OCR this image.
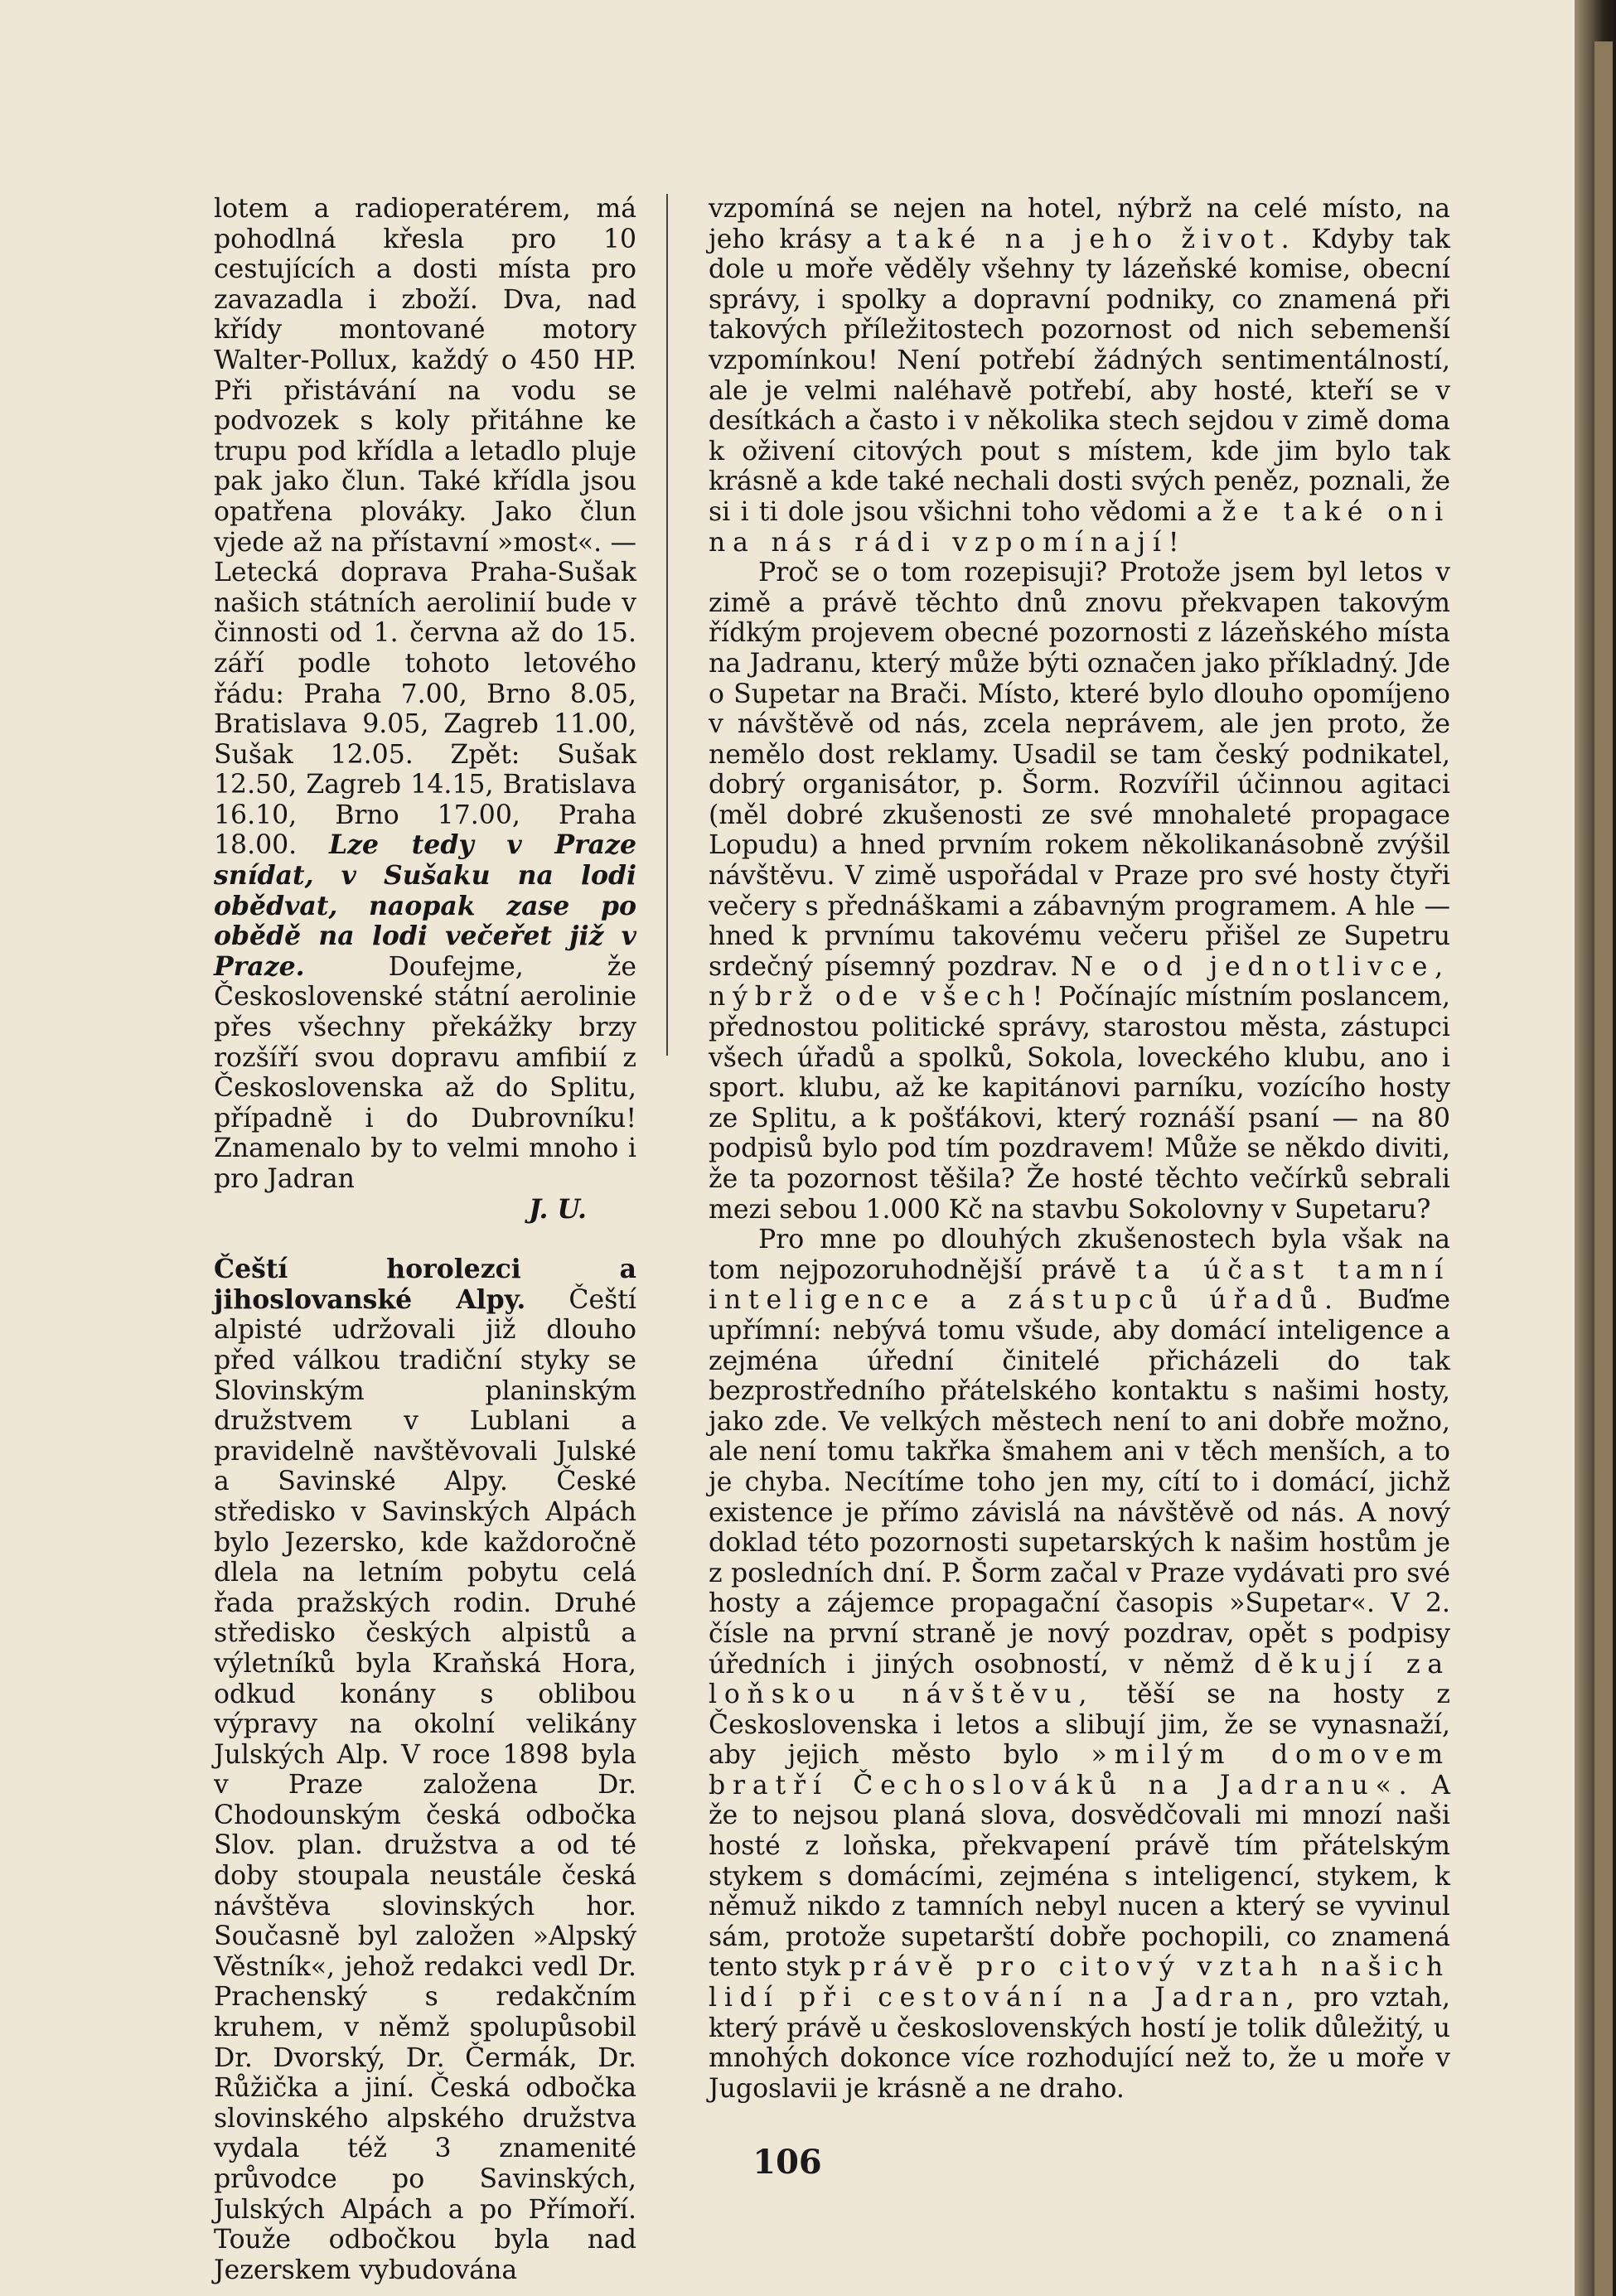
lotem a radioperatérem, má pohodlná křesla pro 10 cestujících a dosti místa pro zavazadla i zboží. Dva, nad křídy montované motory Walter-Pollux, každý o 450 HP. Při přistávání na vodu se podvozek s koly přitáhne ke trupu pod křídla a letadlo pluje pak jako člun. Také křídla jsou opatřena plováky. Jako člun vjede až na přístavní »most«. — Letecká doprava Praha-Sušak našich státních aerolinií bude v činnosti od 1. června až do 15. září podle tohoto letového řádu: Praha 7.00, Brno 8.05, Bratislava 9.05, Zagreb 11.00, Sušak 12.05. Zpět: Sušak 12.50, Zagreb 14.15, Bratislava 16.10, Brno 17.00, Praha 18.00. Lze tedy v Praze snídat, v Sušaku na lodi obědvat, naopak zase po obědě na lodi večeřet již v Praze.	Doufejme, že Československé státní aerolinie přes všechny překážky brzy rozšíří svou dopravu amfibií z Československa až do Splitu, případně i do Dubrovníku! Znamenalo by to velmi mnoho i pro Jadran

J. U.

Čeští horolezci a jihoslovanské Alpy. Čeští alpisté udržovali již dlouho před válkou tradiční styky se Slovinským planinským družstvem v Lublani a pravidelně navštěvovali Julské a Savinské Alpy. České středisko v Savinských Alpách bylo Jezersko, kde každoročně dlela na letním pobytu celá řada pražských rodin. Druhé středisko českých alpistů a výletníků byla Kraňská Hora, odkud konány s oblibou výpravy na okolní velikány Julských Alp. V roce 1898 byla v Praze založena Dr. Chodounským česká odbočka Slov. plan. družstva a od té doby stoupala neustále česká návštěva slovinských hor. Současně byl založen »Alpský Věstník«, jehož redakci vedl Dr. Prachenský s redakčním kruhem, v němž spolupůsobil Dr. Dvorský, Dr. Čermák, Dr. Růžička a jiní. Česká odbočka slovinského alpského družstva vydala též 3 znamenité průvodce po Savinských, Julských Alpách a po Přímoří. Touže odbočkou byla nad Jezerskem vybudována

vzpomíná se nejen na hotel, nýbrž na celé místo, na jeho krásy a také na jeho život. Kdyby tak dole u moře věděly všehny ty lázeňské komise, obecní správy, i spolky a dopravní podniky, co znamená při takových příležitostech pozornost od nich sebemenší vzpomínkou! Není potřebí žádných sentimentálností, ale je velmi naléhavě potřebí, aby hosté, kteří se v desítkách a často i v několika stech sejdou v zimě doma k oživení citových pout s místem, kde jim bylo tak krásně a kde také nechali dosti svých peněz, poznali, že si i ti dole jsou všichni toho vědomi a že také oni na nás rádi vzpomínají!

Proč se o tom rozepisuji? Protože jsem byl letos v zimě a právě těchto dnů znovu překvapen takovým řídkým projevem obecné pozornosti z lázeňského místa na Jadranu, který může býti označen jako příkladný. Jde o Supetar na Brači. Místo, které bylo dlouho opomíjeno v návštěvě od nás, zcela neprávem, ale jen proto, že nemělo dost reklamy. Usadil se tam český podnikatel, dobrý organisátor, p. Šorm. Rozvířil účinnou agitaci (měl dobré zkušenosti ze své mnohaleté propagace Lopudu) a hned prvním rokem několikanásobně zvýšil návštěvu. V zimě uspořádal v Praze pro své hosty čtyři večery s přednáškami a zábavným programem. A hle — hned k prvnímu takovému večeru přišel ze Supetru srdečný písemný pozdrav. Ne od jednotlivce, nýbrž ode všech! Počínajíc místním poslancem, přednostou politické správy, starostou města, zástupci všech úřadů a spolků, Sokola, loveckého klubu, ano i sport. klubu, až ke kapitánovi parníku, vozícího hosty ze Splitu, a k pošťákovi, který roznáší psaní — na 80 podpisů bylo pod tím pozdravem! Může se někdo diviti, že ta pozornost těšila? Že hosté těchto večírků sebrali mezi sebou 1.000 Kč na stavbu Sokolovny v Supetaru?

Pro mne po dlouhých zkušenostech byla však na tom nejpozoruhodnější právě ta účast tamní inteligence a zástupců úřadů. Buďme upřímní: nebývá tomu všude, aby domácí inteligence a zejména úřední činitelé přicházeli do tak bezprostředního přátelského kontaktu s našimi hosty, jako zde. Ve velkých městech není to ani dobře možno, ale není tomu takřka šmahem ani v těch menších, a to je chyba. Necítíme toho jen my, cítí to i domácí, jichž existence je přímo závislá na návštěvě od nás. A nový doklad této pozornosti supetarských k našim hostům je z posledních dní. P. Šorm začal v Praze vydávati pro své hosty a zájemce propagační časopis »Supetar«. V 2. čísle na první straně je nový pozdrav, opět s podpisy úředních i jiných osobností, v němž děkují za loňskou návštěvu, těší se na hosty z Československa i letos a slibují jim, že se vynasnaží, aby jejich město bylo »milým domovem bratří Čechoslováků na Jadranu«. A že to nejsou planá slova, dosvědčovali mi mnozí naši hosté z loňska, překvapení právě tím přátelským stykem s domácími, zejména s inteligencí, stykem, k němuž nikdo z tamních nebyl nucen a který se vyvinul sám, protože supetarští dobře pochopili, co znamená tento styk právě pro citový vztah našich lidí při cestování na Jadran, pro vztah, který právě u československých hostí je tolik důležitý, u mnohých dokonce více rozhodující než to, že u moře v Jugoslavii je krásně a ne draho.

106
